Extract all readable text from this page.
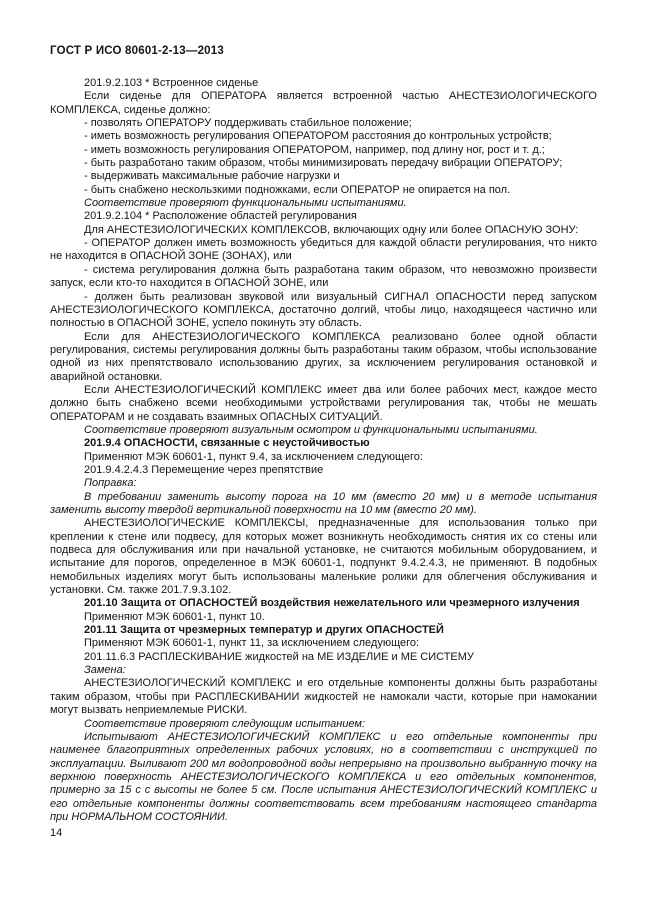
ГОСТ Р ИСО 80601-2-13—2013

201.9.2.103 * Встроенное сиденье

Если сиденье для ОПЕРАТОРА является встроенной частью АНЕСТЕЗИОЛОГИЧЕСКОГО КОМПЛЕКСА, сиденье должно:

- позволять ОПЕРАТОРУ поддерживать стабильное положение;

- иметь возможность регулирования ОПЕРАТОРОМ расстояния до контрольных устройств;

- иметь возможность регулирования ОПЕРАТОРОМ, например, под длину ног, рост и т. д.;

- быть разработано таким образом, чтобы минимизировать передачу вибрации ОПЕРАТОРУ;

- выдерживать максимальные рабочие нагрузки и

- быть снабжено нескользкими подножками, если ОПЕРАТОР не опирается на пол.

Соответствие проверяют функциональными испытаниями.

201.9.2.104 * Расположение областей регулирования

Для АНЕСТЕЗИОЛОГИЧЕСКИХ КОМПЛЕКСОВ, включающих одну или более ОПАСНУЮ ЗОНУ:

- ОПЕРАТОР должен иметь возможность убедиться для каждой области регулирования, что никто не находится в ОПАСНОЙ ЗОНЕ (ЗОНАХ), или

- система регулирования должна быть разработана таким образом, что невозможно произвести запуск, если кто-то находится в ОПАСНОЙ ЗОНЕ, или

- должен быть реализован звуковой или визуальный СИГНАЛ ОПАСНОСТИ перед запуском АНЕСТЕЗИОЛОГИЧЕСКОГО КОМПЛЕКСА, достаточно долгий, чтобы лицо, находящееся частично или полностью в ОПАСНОЙ ЗОНЕ, успело покинуть эту область.

Если для АНЕСТЕЗИОЛОГИЧЕСКОГО КОМПЛЕКСА реализовано более одной области регулирования, системы регулирования должны быть разработаны таким образом, чтобы использование одной из них препятствовало использованию других, за исключением регулирования остановкой и аварийной остановки.

Если АНЕСТЕЗИОЛОГИЧЕСКИЙ КОМПЛЕКС имеет два или более рабочих мест, каждое место должно быть снабжено всеми необходимыми устройствами регулирования так, чтобы не мешать ОПЕРАТОРАМ и не создавать взаимных ОПАСНЫХ СИТУАЦИЙ.

Соответствие проверяют визуальным осмотром и функциональными испытаниями.

201.9.4 ОПАСНОСТИ, связанные с неустойчивостью

Применяют МЭК 60601-1, пункт 9.4, за исключением следующего:

201.9.4.2.4.3 Перемещение через препятствие

Поправка:

В требовании заменить высоту порога на 10 мм (вместо 20 мм) и в методе испытания заменить высоту твердой вертикальной поверхности на 10 мм (вместо 20 мм).

АНЕСТЕЗИОЛОГИЧЕСКИЕ КОМПЛЕКСЫ, предназначенные для использования только при креплении к стене или подвесу, для которых может возникнуть необходимость снятия их со стены или подвеса для обслуживания или при начальной установке, не считаются мобильным оборудованием, и испытание для порогов, определенное в МЭК 60601-1, подпункт 9.4.2.4.3, не применяют. В подобных немобильных изделиях могут быть использованы маленькие ролики для облегчения обслуживания и установки. См. также 201.7.9.3.102.

201.10 Защита от ОПАСНОСТЕЙ воздействия нежелательного или чрезмерного излучения

Применяют МЭК 60601-1, пункт 10.

201.11 Защита от чрезмерных температур и других ОПАСНОСТЕЙ

Применяют МЭК 60601-1, пункт 11, за исключением следующего:

201.11.6.3 РАСПЛЕСКИВАНИЕ жидкостей на МЕ ИЗДЕЛИЕ и МЕ СИСТЕМУ

Замена:

АНЕСТЕЗИОЛОГИЧЕСКИЙ КОМПЛЕКС и его отдельные компоненты должны быть разработаны таким образом, чтобы при РАСПЛЕСКИВАНИИ жидкостей не намокали части, которые при намокании могут вызвать неприемлемые РИСКИ.

Соответствие проверяют следующим испытанием:

Испытывают АНЕСТЕЗИОЛОГИЧЕСКИЙ КОМПЛЕКС и его отдельные компоненты при наименее благоприятных определенных рабочих условиях, но в соответствии с инструкцией по эксплуатации. Выливают 200 мл водопроводной воды непрерывно на произвольно выбранную точку на верхнюю поверхность АНЕСТЕЗИОЛОГИЧЕСКОГО КОМПЛЕКСА и его отдельных компонентов, примерно за 15 с с высоты не более 5 см. После испытания АНЕСТЕЗИОЛОГИЧЕСКИЙ КОМПЛЕКС и его отдельные компоненты должны соответствовать всем требованиям настоящего стандарта при НОРМАЛЬНОМ СОСТОЯНИИ.

14
